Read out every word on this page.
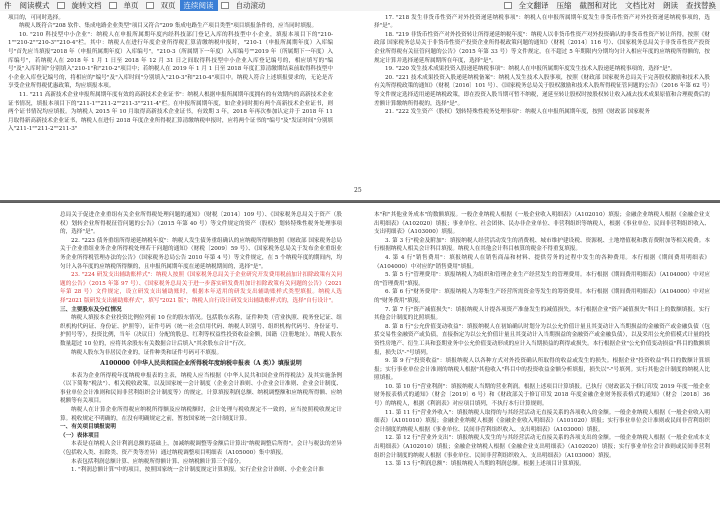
件	阅读模式	旋转文档	单页	双页	连续阅读	自动滚动	全文翻译	压缩	截图和对比	文档比对	朗读	查找替换

项目的，可同时选择。

纳税人既符合"208 软件、集成电路企业类型"项目又符合"209 集成电路生产项目类型"项目填报条件的，应当同时填报。

10. "210 科技型中小企业"：纳税人在申报所属期年度内经科技部门登记入库的科技型中小企业，填报本项目下的"210-1""210-2""210-3""210-4"栏。其中：纳税人在进行年度企业所得税汇算清缴纳税申报时，"210-1（申报所属期年度）入库编号"首先应当填报"2018 年（申报所属期年度）入库编号"，"210-3（所属期下一年度）入库编号""2019 年（所属期下一年度）入库编号"，若纳税人在 2018 年 1 月 1 日至 2018 年 12 月 31 日之间取得科技型中小企业入库登记编号的，相应填写的"编号"及"入库时间"分别填入"210-1"和"210-2"项目中；若纳税人在 2019 年 1 月 1 日至 2018 年度汇算清缴期结束前取得科技型中小企业入库登记编号的，将相应的"编号"及"入库时间"分别填入"210-3"和"210-4"项目中。纳税人符合上述填报要求的，无论是否享受企业所得税优惠政策，均应填报本项。

11. "211 高新技术企业申报所属期年度有效的高新技术企业证书"：纳税人根据申报所属期年度拥有的有效期内的高新技术企业证书情况，填报本项目下的"211-1""211-2""211-3""211-4"栏。在申报所属期年度，如企业同时拥有两个高新技术企业证书，则两个证书情况均应填报。为纳税人 2015 年 10 月取得高新技术企业证书，有效期 3 年，2018 年再次参加认定并于 2018 年 11 月取得新高新技术企业证书，纳税人在进行 2018 年度企业所得税汇算清缴纳税申报时，应将两个证书的"编号"及"发证时间"分别填入"211-1""211-2""211-3"

17. "218 发生非货币性资产对外投资递延纳税事项"：纳税人在申报所属期年度发生非货币性资产对外投资递延纳税事项的，选择"是"。

18. "219 非货币性资产对外投资转让所得递延纳税年度"：纳税人以非货币性资产对外投资确认的非货币性资产转让所得，按照《财政部 国家税务总局关于非货币性资产投资企业所得税政策问题的通知》（财税〔2014〕116 号）、《国家税务总局关于非货币性资产投资企业所得税有关征管问题的公告》（2015 年第 33 号）等文件规定，在不超过 5 年期限内分期均匀计入相应年度的应纳税所得额的，按规定计算并选择递延所属期所在年度，选择"是"。

19. "220 发生技术成果投资入股递延纳税事项"：纳税人在申报所属期年度发生技术入股递延纳税事项的，选择"是"。

20. "221 技术成果投资入股递延纳税备案"：纳税人发生技术入股事项，按照《财政部 国家税务总局关于完善股权激励和技术入股有关所得税政策的通知》（财税〔2016〕101 号）、《国家税务总局关于股权激励和技术入股所得税征管问题的公告》（2016 年第 62 号）等文件规定选择适用递延纳税政策，即在投资入股当期可暂不纳税，递延至转让股权时按股权转让收入减去技术成果原值和合理税费后的差额计算缴纳所得税的，选择"是"。

21. "222 发生资产（股权）划转特殊性税务处理事项"：纳税人在申报所属期年度，按照《财政部 国家税务

25

总局关于促进企业重组有关企业所得税处理问题的通知》（财税〔2014〕109 号）、《国家税务总局关于资产（股权）划转企业所得税征管问题的公告》（2015 年第 40 号）等文件规定的资产（股权）划转特殊性税务处理事项的，选择"是"。

22. "223 债务重组所得递延纳税年度"：纳税人发生债务重组确认的应纳税所得额按照《财政部 国家税务总局关于企业重组业务企业所得税处理若干问题的通知》（财税〔2009〕59 号）、《国家税务总局关于发布企业重组业务企业所得税管理办法的公告》（国家税务总局公告 2010 年第 4 号）等文件规定，在 5 个纳税年度的期间内，均匀计入各年度的应纳税所得额的，且申报所属期年度在递延纳税期间的，选择"是"。

23. "224 研发支出辅助账样式"：纳税人按照《国家税务总局关于企业研究开发费用税前加计扣除政策有关问题的公告》（2015 年第 97 号）、《国家税务总局关于进一步落实研发费用加计扣除政策有关问题的公告》（2021 年第 28 号）文件规定，设立研发支出辅助账时，根据本年适用的研发支出辅助账样式类型填报。纳税人选择"2021 版研发支出辅助账样式"，填写"2021 版"；纳税人自行设计研发支出辅助账样式的，选择"自行设计"。

三、主要股东及分红情况

纳税人填报本企业投资比例位列前 10 位的股东情况。包括股东名称，证件种类（营业执照、税务登记证、组织机构代码证、身份证、护照等），证件号码（统一社会信用代码、纳税人识别号、组织机构代码号、身份证号、护照号等），投资比例，当年（决议日）分配的股息、红利等权益性投资收益金额，国籍（注册地址）。纳税人股东数量超过 10 位的，应将其余股东有关数据合计后填入"其余股东合计"行次。

纳税人股东为非居民企业的，证件种类和证件号码可不填报。

A100000《中华人民共和国企业所得税年度纳税申报表（A 类）》填报说明

本表为企业所得税年度纳税申报表的主表，纳税人应当根据《中华人民共和国企业所得税法》及其实施条例（以下简称"税法"）、相关税收政策，以及国家统一会计制度（企业会计准则、小企业会计准则、企业会计制度、事业单位会计准则和民间非营利组织会计制度等）的规定，计算填报利润总额、纳税调整额和应纳税所得额、应纳税额等有关项目。

纳税人在计算企业所得税应纳税所得额及应纳税额时，会计处理与税收规定不一致的，应当按照税收规定计算。税收规定不明确的，在没有明确规定之前，暂按国家统一会计制度计算。

一、有关项目填报说明

（一）表体项目

本表是在纳税人会计利润总额的基础上，加减纳税调整等金额后计算出"纳税调整后所得"。会计与税法的差异（包括收入类、扣除类、资产类等差异）通过纳税调整项目明细表（A105000）集中填报。

本表包括利润总额计算、应纳税所得额计算、应纳税额计算三个部分。

1. "利润总额计算"中的项目，按照国家统一会计制度规定计算填报。实行企业会计准则、小企业会计准

本"和"其他业务成本"的数额填报。一般企业纳税人根据《一般企业收入明细表》（A102010）填报；金融企业纳税人根据《金融企业支出明细表》（A102020）填报；事业单位、社会团体、民办非企业单位、非营利组织等纳税人，根据《事业单位、民间非营利组织收入、支出明细表》（A103000）填报。

3. 第 3 行"税金及附加"：填报纳税人经营活动发生的消费税、城市维护建设税、资源税、土地增值税和教育费附加等相关税费。本行根据纳税人相关会计科目填报。纳税人在其他会计科目核算的税金不得重复填报。

4. 第 4 行"销售费用"：填报纳税人在销售商品和材料、提供劳务的过程中发生的各种费用。本行根据《期间费用明细表》（A104000）中对应的"销售费用"填报。

5. 第 5 行"管理费用"：填报纳税人为组织和管理企业生产经营发生的管理费用。本行根据《期间费用明细表》（A104000）中对应的"管理费用"填报。

6. 第 6 行"财务费用"：填报纳税人为筹集生产经营所需资金等发生的筹资费用。本行根据《期间费用明细表》（A104000）中对应的"财务费用"填报。

7. 第 7 行"资产减值损失"：填报纳税人计提各项资产准备发生的减值损失。本行根据企业"资产减值损失"科目上的数额填报。实行其他会计制度的比照填报。

8. 第 8 行"公允价值变动收益"：填报纳税人在初始确认时划分为以公允价值计量且其变动计入当期损益的金融资产或金融负债（包括交易性金融资产或负债，直接指定为以公允价值计量且其变动计入当期损益的金融资产或金融负债），以及采用公允价值模式计量的投资性房地产、衍生工具和套期业务中公允价值变动形成的应计入当期损益的利得或损失。本行根据企业"公允价值变动损益"科目的数额填报，损失以"-"号填列。

9. 第 9 行"投资收益"：填报纳税人以各种方式对外投资确认所取得的收益或发生的损失。根据企业"投资收益"科目的数额计算填报；实行事业单位会计准则的纳税人根据"其他收入"科目中的投资收益金额分析填报，损失以"-"号填列。实行其他会计制度的纳税人比照填报。

10. 第 10 行"营业利润"：填报纳税人当期的营业利润。根据上述项目计算填报。已执行《财政部关于修订印发 2019 年度一般企业财务报表格式的通知》（财会〔2019〕6 号）和《财政部关于修订印发 2018 年度金融企业财务报表格式的通知》（财会〔2018〕36 号）的纳税人，根据《利润表》对应项目填列，不执行本行计算规则。

11. 第 11 行"营业外收入"：填报纳税人取得的与其经营活动无直接关系的各项收入的金额。一般企业纳税人根据《一般企业收入明细表》（A101010）填报；金融企业纳税人根据《金融企业收入明细表》（A101020）填报；实行事业单位会计准则或民间非营利组织会计制度的纳税人根据《事业单位、民间非营利组织收入、支出明细表》（A103000）填报。

12. 第 12 行"营业外支出"：填报纳税人发生的与其经营活动无直接关系的各项支出的金额。一般企业纳税人根据《一般企业成本支出明细表》（A102010）填报；金融企业纳税人根据《金融企业支出明细表》（A102020）填报；实行事业单位会计准则或民间非营利组织会计制度的纳税人根据《事业单位、民间非营利组织收入、支出明细表》（A103000）填报。

13. 第 13 行"利润总额"：填报纳税人当期的利润总额。根据上述项目计算填报。
